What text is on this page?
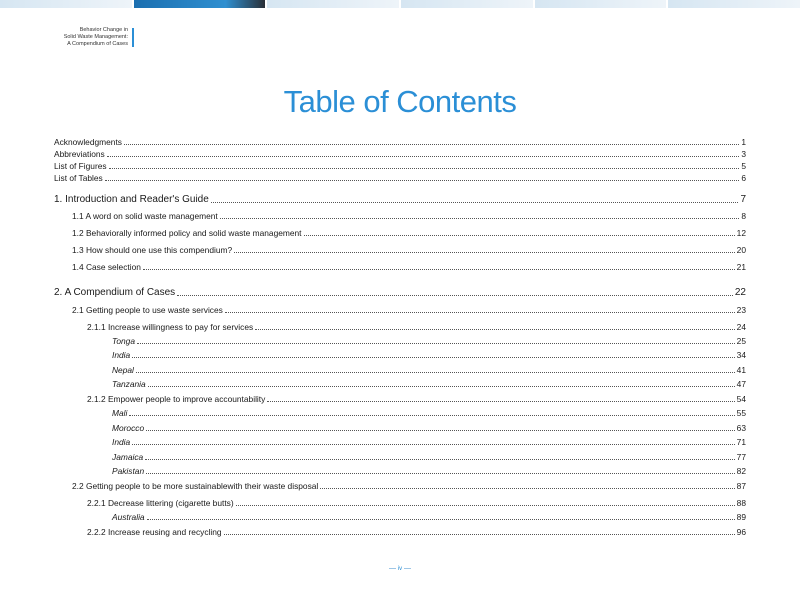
Behavior Change in
Solid Waste Management:
A Compendium of Cases
Table of Contents
Acknowledgments	1
Abbreviations	3
List of Figures	5
List of Tables	6
1. Introduction and Reader's Guide	7
1.1 A word on solid waste management	8
1.2 Behaviorally informed policy and solid waste management	12
1.3 How should one use this compendium?	20
1.4 Case selection	21
2. A Compendium of Cases	22
2.1 Getting people to use waste services	23
2.1.1 Increase willingness to pay for services	24
Tonga	25
India	34
Nepal	41
Tanzania	47
2.1.2 Empower people to improve accountability	54
Mali	55
Morocco	63
India	71
Jamaica	77
Pakistan	82
2.2 Getting people to be more sustainablewith their waste disposal	87
2.2.1 Decrease littering (cigarette butts)	88
Australia	89
2.2.2 Increase reusing and recycling	96
iv
